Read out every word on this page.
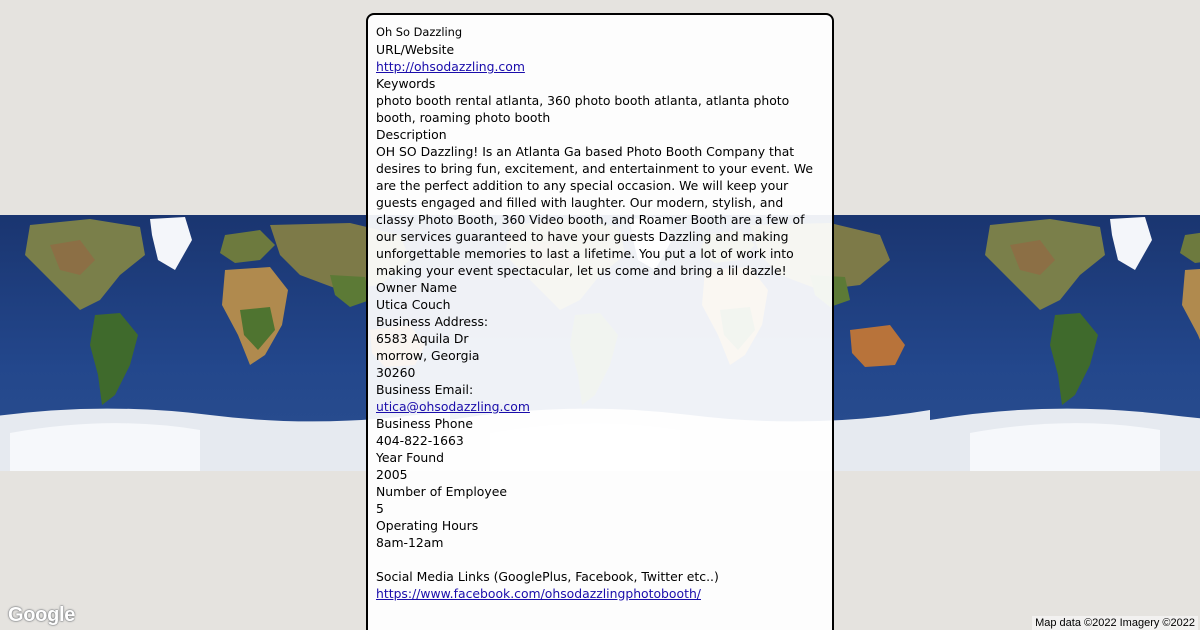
Google	Map data ©2022 Imagery ©2022
Oh So Dazzling
URL/Website
http://ohsodazzling.com
Keywords
photo booth rental atlanta, 360 photo booth atlanta, atlanta photo booth, roaming photo booth
Description
OH SO Dazzling! Is an Atlanta Ga based Photo Booth Company that desires to bring fun, excitement, and entertainment to your event. We are the perfect addition to any special occasion. We will keep your guests engaged and filled with laughter. Our modern, stylish, and classy Photo Booth, 360 Video booth, and Roamer Booth are a few of our services guaranteed to have your guests Dazzling and making unforgettable memories to last a lifetime. You put a lot of work into making your event spectacular, let us come and bring a lil dazzle!
Owner Name
Utica Couch
Business Address:
6583 Aquila Dr
morrow, Georgia
30260
Business Email:
utica@ohsodazzling.com
Business Phone
404-822-1663
Year Found
2005
Number of Employee
5
Operating Hours
8am-12am
Social Media Links (GooglePlus, Facebook, Twitter etc..)
https://www.facebook.com/ohsodazzlingphotobooth/
